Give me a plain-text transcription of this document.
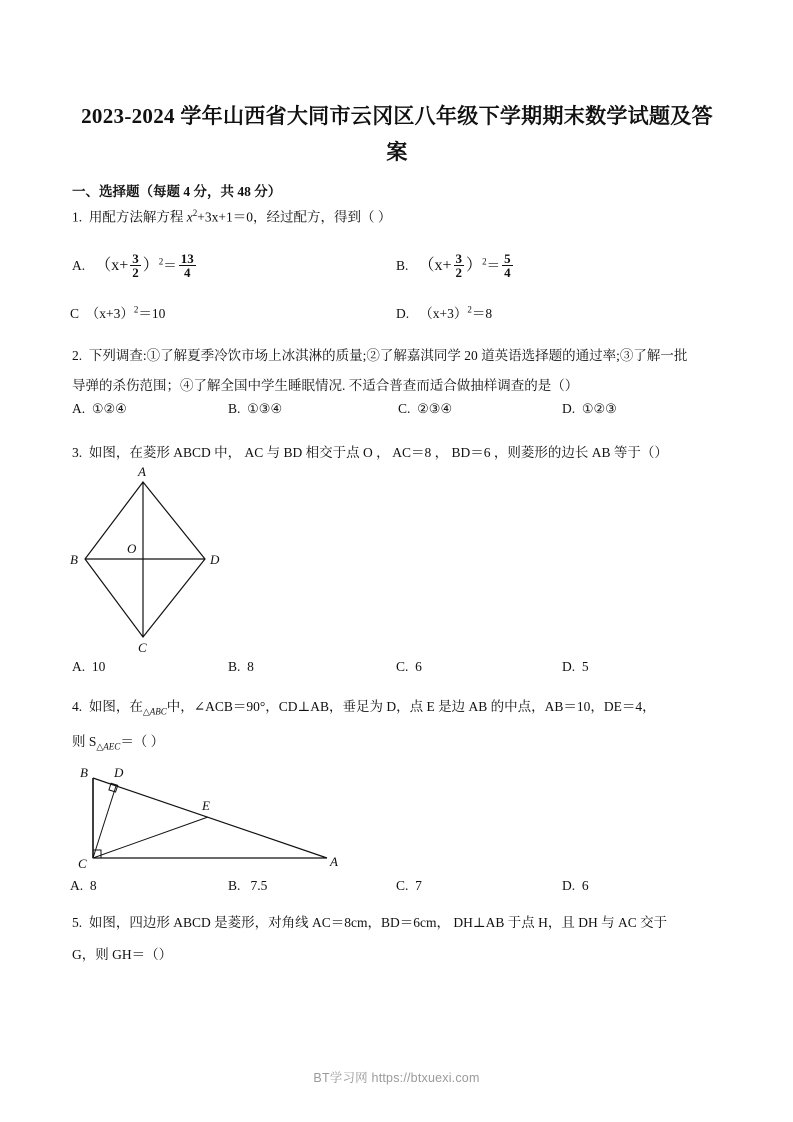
2023-2024 学年山西省大同市云冈区八年级下学期期末数学试题及答案
一、选择题（每题 4 分，共 48 分）
1. 用配方法解方程 $x^2+3x+1=0$，经过配方，得到（ ）
A. $(x+ \frac{3}{2} )^2= \frac{13}{4}$	B. $(x+ \frac{3}{2} )^2= \frac{5}{4}$
C $(x+3)^2=10$	D. $(x+3)^2=8$
2. 下列调查:①了解夏季冷饮市场上冰淇淋的质量;②了解嘉淇同学 20 道英语选择题的通过率;③了解一批
导弹的杀伤范围；④了解全国中学生睡眠情况. 不适合普查而适合做抽样调查的是（）
A. ①②④	B. ①③④	C. ②③④	D. ①②③
3. 如图，在菱形 ABCD 中， AC 与 BD 相交于点 O ， AC＝8 ， BD＝6 ，则菱形的边长 AB 等于（）
A
B
C
D
O
A. 10	B. 8	C. 6	D. 5
4. 如图，在$_{\triangle ABC}$中，∠ACB＝90°，CD⊥AB，垂足为 D，点 E 是边 AB 的中点，AB＝10，DE＝4，
则 $S_{\triangle AEC}=$（ ）
B
C	A
D
E
A. 8	B. 7.5	C. 7	D. 6
5. 如图，四边形 ABCD 是菱形，对角线 AC＝8cm，BD＝6cm， DH⊥AB 于点 H，且 DH 与 AC 交于
G，则 GH＝（）
BT学习网 https://btxuexi.com
